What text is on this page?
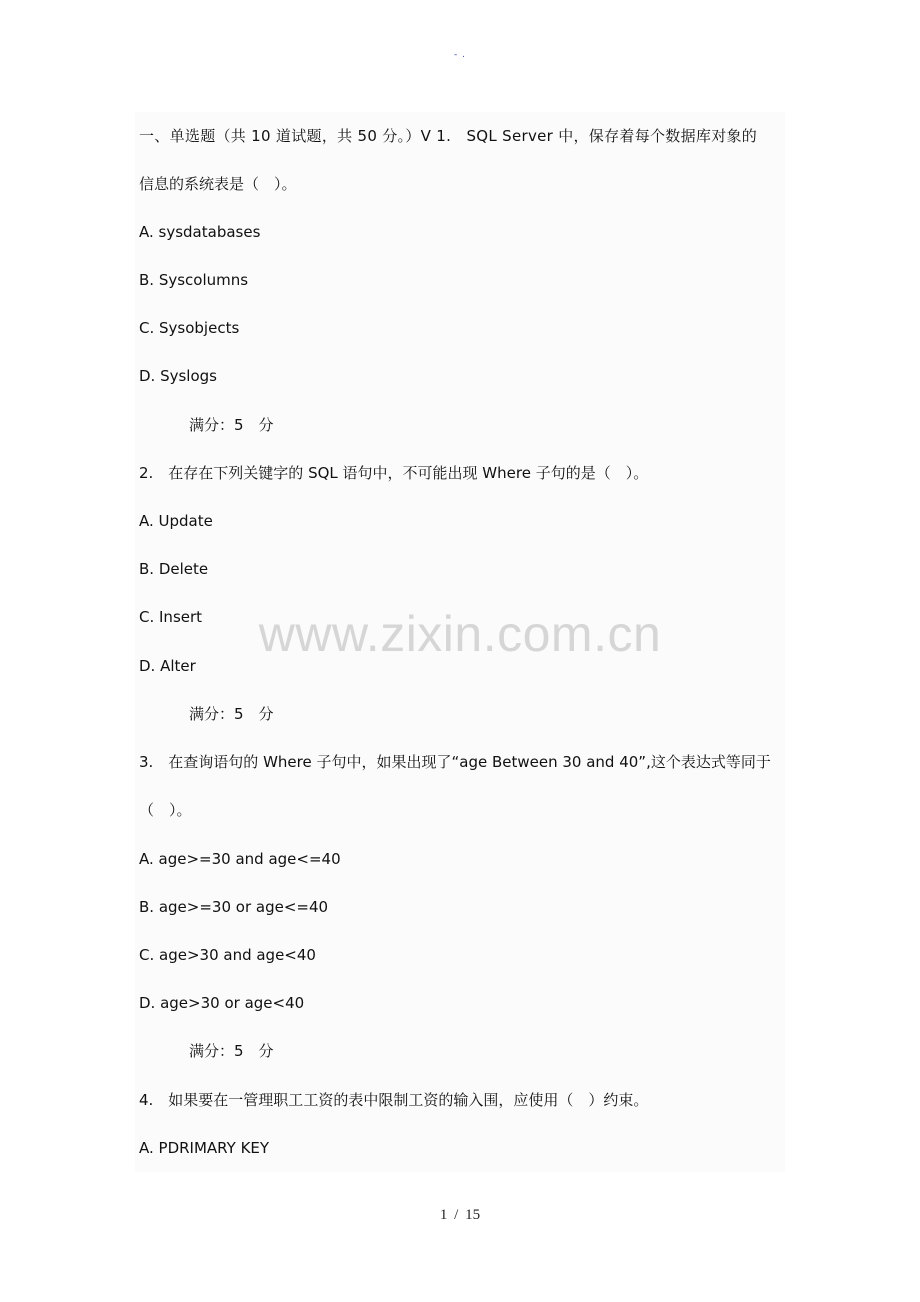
- .
一、单选题（共 10 道试题，共 50 分。）V 1.　SQL Server 中，保存着每个数据库对象的
信息的系统表是（　）。
A. sysdatabases
B. Syscolumns
C. Sysobjects
D. Syslogs
满分：5　分
2.　在存在下列关键字的 SQL 语句中，不可能出现 Where 子句的是（　）。
A. Update
B. Delete
C. Insert
D. Alter
满分：5　分
3.　在查询语句的 Where 子句中，如果出现了“age Between 30 and 40”,这个表达式等同于
（　）。
A. age>=30 and age<=40
B. age>=30 or age<=40
C. age>30 and age<40
D. age>30 or age<40
满分：5　分
4.　如果要在一管理职工工资的表中限制工资的输入围，应使用（　）约束。
A. PDRIMARY KEY
www.zixin.com.cn
1 / 15
